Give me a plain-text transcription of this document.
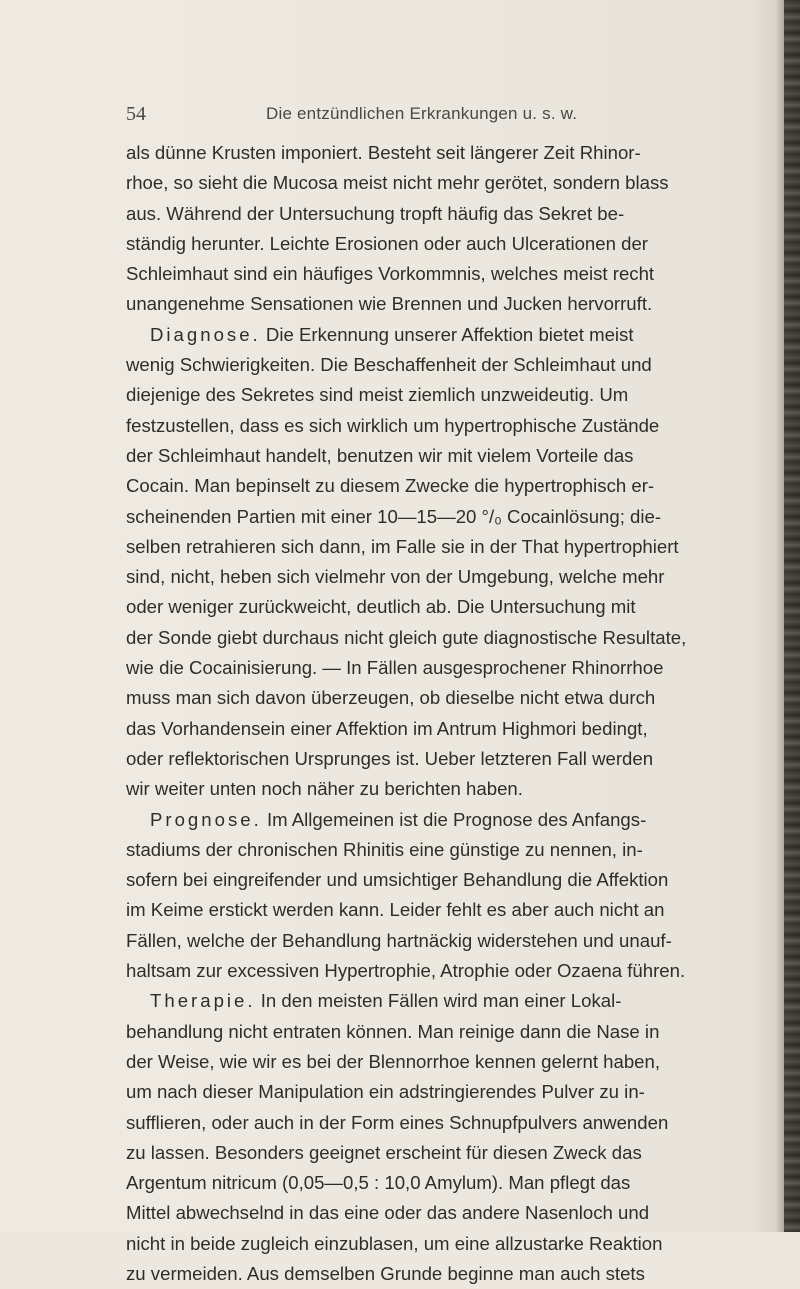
54	Die entzündlichen Erkrankungen u. s. w.
als dünne Krusten imponiert. Besteht seit längerer Zeit Rhinor-
rhoe, so sieht die Mucosa meist nicht mehr gerötet, sondern blass
aus. Während der Untersuchung tropft häufig das Sekret be-
ständig herunter. Leichte Erosionen oder auch Ulcerationen der
Schleimhaut sind ein häufiges Vorkommnis, welches meist recht
unangenehme Sensationen wie Brennen und Jucken hervorruft.
Diagnose. Die Erkennung unserer Affektion bietet meist
wenig Schwierigkeiten. Die Beschaffenheit der Schleimhaut und
diejenige des Sekretes sind meist ziemlich unzweideutig. Um
festzustellen, dass es sich wirklich um hypertrophische Zustände
der Schleimhaut handelt, benutzen wir mit vielem Vorteile das
Cocain. Man bepinselt zu diesem Zwecke die hypertrophisch er-
scheinenden Partien mit einer 10—15—20 °/₀ Cocainlösung; die-
selben retrahieren sich dann, im Falle sie in der That hypertrophiert
sind, nicht, heben sich vielmehr von der Umgebung, welche mehr
oder weniger zurückweicht, deutlich ab. Die Untersuchung mit
der Sonde giebt durchaus nicht gleich gute diagnostische Resultate,
wie die Cocainisierung. — In Fällen ausgesprochener Rhinorrhoe
muss man sich davon überzeugen, ob dieselbe nicht etwa durch
das Vorhandensein einer Affektion im Antrum Highmori bedingt,
oder reflektorischen Ursprunges ist. Ueber letzteren Fall werden
wir weiter unten noch näher zu berichten haben.
Prognose. Im Allgemeinen ist die Prognose des Anfangs-
stadiums der chronischen Rhinitis eine günstige zu nennen, in-
sofern bei eingreifender und umsichtiger Behandlung die Affektion
im Keime erstickt werden kann. Leider fehlt es aber auch nicht an
Fällen, welche der Behandlung hartnäckig widerstehen und unauf-
haltsam zur excessiven Hypertrophie, Atrophie oder Ozaena führen.
Therapie. In den meisten Fällen wird man einer Lokal-
behandlung nicht entraten können. Man reinige dann die Nase in
der Weise, wie wir es bei der Blennorrhoe kennen gelernt haben,
um nach dieser Manipulation ein adstringierendes Pulver zu in-
sufflieren, oder auch in der Form eines Schnupfpulvers anwenden
zu lassen. Besonders geeignet erscheint für diesen Zweck das
Argentum nitricum (0,05—0,5 : 10,0 Amylum). Man pflegt das
Mittel abwechselnd in das eine oder das andere Nasenloch und
nicht in beide zugleich einzublasen, um eine allzustarke Reaktion
zu vermeiden. Aus demselben Grunde beginne man auch stets
